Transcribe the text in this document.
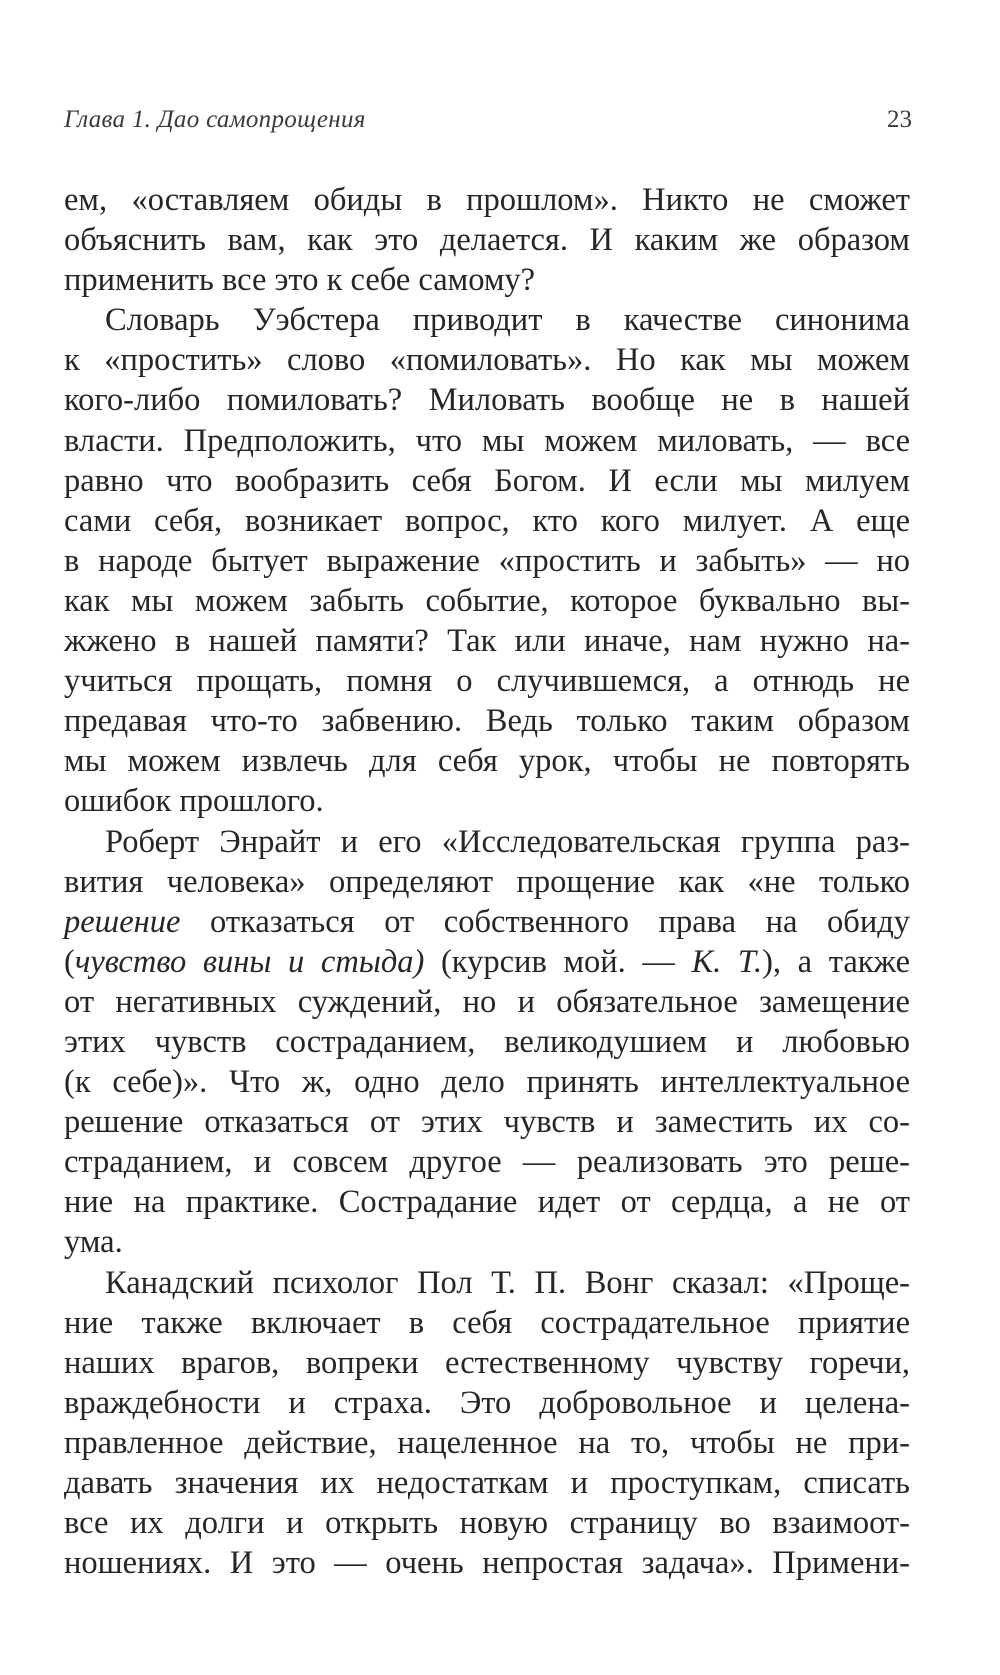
Глава 1. Дао самопрощения	23
ем, «оставляем обиды в прошлом». Никто не сможет
объяснить вам, как это делается. И каким же образом
применить все это к себе самому?
Словарь Уэбстера приводит в качестве синонима
к «простить» слово «помиловать». Но как мы можем
кого-либо помиловать? Миловать вообще не в нашей
власти. Предположить, что мы можем миловать, — все
равно что вообразить себя Богом. И если мы милуем
сами себя, возникает вопрос, кто кого милует. А еще
в народе бытует выражение «простить и забыть» — но
как мы можем забыть событие, которое буквально вы-
жжено в нашей памяти? Так или иначе, нам нужно на-
учиться прощать, помня о случившемся, а отнюдь не
предавая что-то забвению. Ведь только таким образом
мы можем извлечь для себя урок, чтобы не повторять
ошибок прошлого.
Роберт Энрайт и его «Исследовательская группа раз-
вития человека» определяют прощение как «не только
решение отказаться от собственного права на обиду
(чувство вины и стыда) (курсив мой. — К. Т.), а также
от негативных суждений, но и обязательное замещение
этих чувств состраданием, великодушием и любовью
(к себе)». Что ж, одно дело принять интеллектуальное
решение отказаться от этих чувств и заместить их со-
страданием, и совсем другое — реализовать это реше-
ние на практике. Сострадание идет от сердца, а не от
ума.
Канадский психолог Пол Т. П. Вонг сказал: «Проще-
ние также включает в себя сострадательное приятие
наших врагов, вопреки естественному чувству горечи,
враждебности и страха. Это добровольное и целена-
правленное действие, нацеленное на то, чтобы не при-
давать значения их недостаткам и проступкам, списать
все их долги и открыть новую страницу во взаимоот-
ношениях. И это — очень непростая задача». Примени-
